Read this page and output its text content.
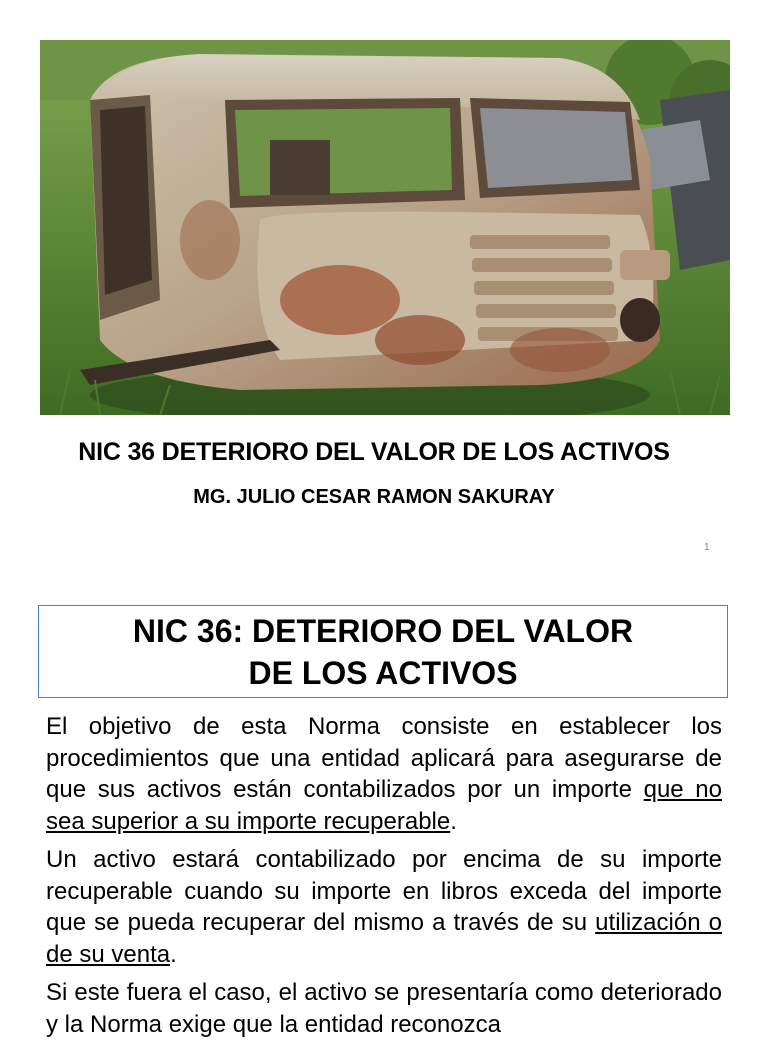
NIC 36 DETERIORO DEL VALOR DE LOS ACTIVOS
MG. JULIO CESAR RAMON SAKURAY
1
NIC 36: DETERIORO DEL VALOR
DE LOS ACTIVOS

El objetivo de esta Norma consiste en establecer los procedimientos que una entidad aplicará para asegurarse de que sus activos están contabilizados por un importe que no sea superior a su importe recuperable.

Un activo estará contabilizado por encima de su importe recuperable cuando su importe en libros exceda del importe que se pueda recuperar del mismo a través de su utilización o de su venta.

Si este fuera el caso, el activo se presentaría como deteriorado y la Norma exige que la entidad reconozca
